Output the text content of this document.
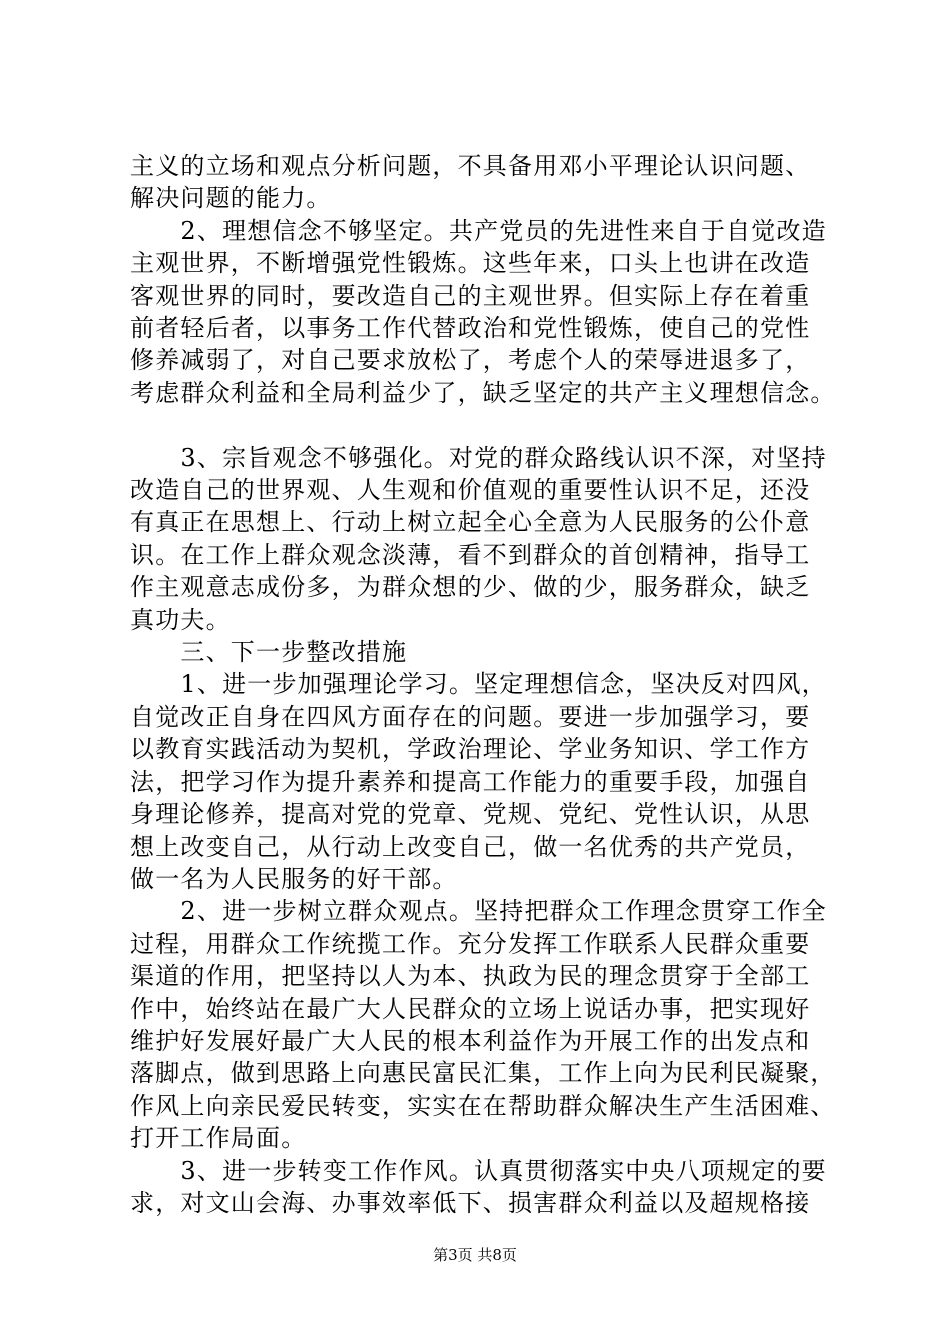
主义的立场和观点分析问题，不具备用邓小平理论认识问题、
解决问题的能力。
　　2、理想信念不够坚定。共产党员的先进性来自于自觉改造
主观世界，不断增强党性锻炼。这些年来，口头上也讲在改造
客观世界的同时，要改造自己的主观世界。但实际上存在着重
前者轻后者，以事务工作代替政治和党性锻炼，使自己的党性
修养减弱了，对自己要求放松了，考虑个人的荣辱进退多了，
考虑群众利益和全局利益少了，缺乏坚定的共产主义理想信念。
　　3、宗旨观念不够强化。对党的群众路线认识不深，对坚持
改造自己的世界观、人生观和价值观的重要性认识不足，还没
有真正在思想上、行动上树立起全心全意为人民服务的公仆意
识。在工作上群众观念淡薄，看不到群众的首创精神，指导工
作主观意志成份多，为群众想的少、做的少，服务群众，缺乏
真功夫。
　　三、下一步整改措施
　　1、进一步加强理论学习。坚定理想信念，坚决反对四风，
自觉改正自身在四风方面存在的问题。要进一步加强学习，要
以教育实践活动为契机，学政治理论、学业务知识、学工作方
法，把学习作为提升素养和提高工作能力的重要手段，加强自
身理论修养，提高对党的党章、党规、党纪、党性认识，从思
想上改变自己，从行动上改变自己，做一名优秀的共产党员，
做一名为人民服务的好干部。
　　2、进一步树立群众观点。坚持把群众工作理念贯穿工作全
过程，用群众工作统揽工作。充分发挥工作联系人民群众重要
渠道的作用，把坚持以人为本、执政为民的理念贯穿于全部工
作中，始终站在最广大人民群众的立场上说话办事，把实现好
维护好发展好最广大人民的根本利益作为开展工作的出发点和
落脚点，做到思路上向惠民富民汇集，工作上向为民利民凝聚，
作风上向亲民爱民转变，实实在在帮助群众解决生产生活困难、
打开工作局面。
　　3、进一步转变工作作风。认真贯彻落实中央八项规定的要
求，对文山会海、办事效率低下、损害群众利益以及超规格接
第3页 共8页
